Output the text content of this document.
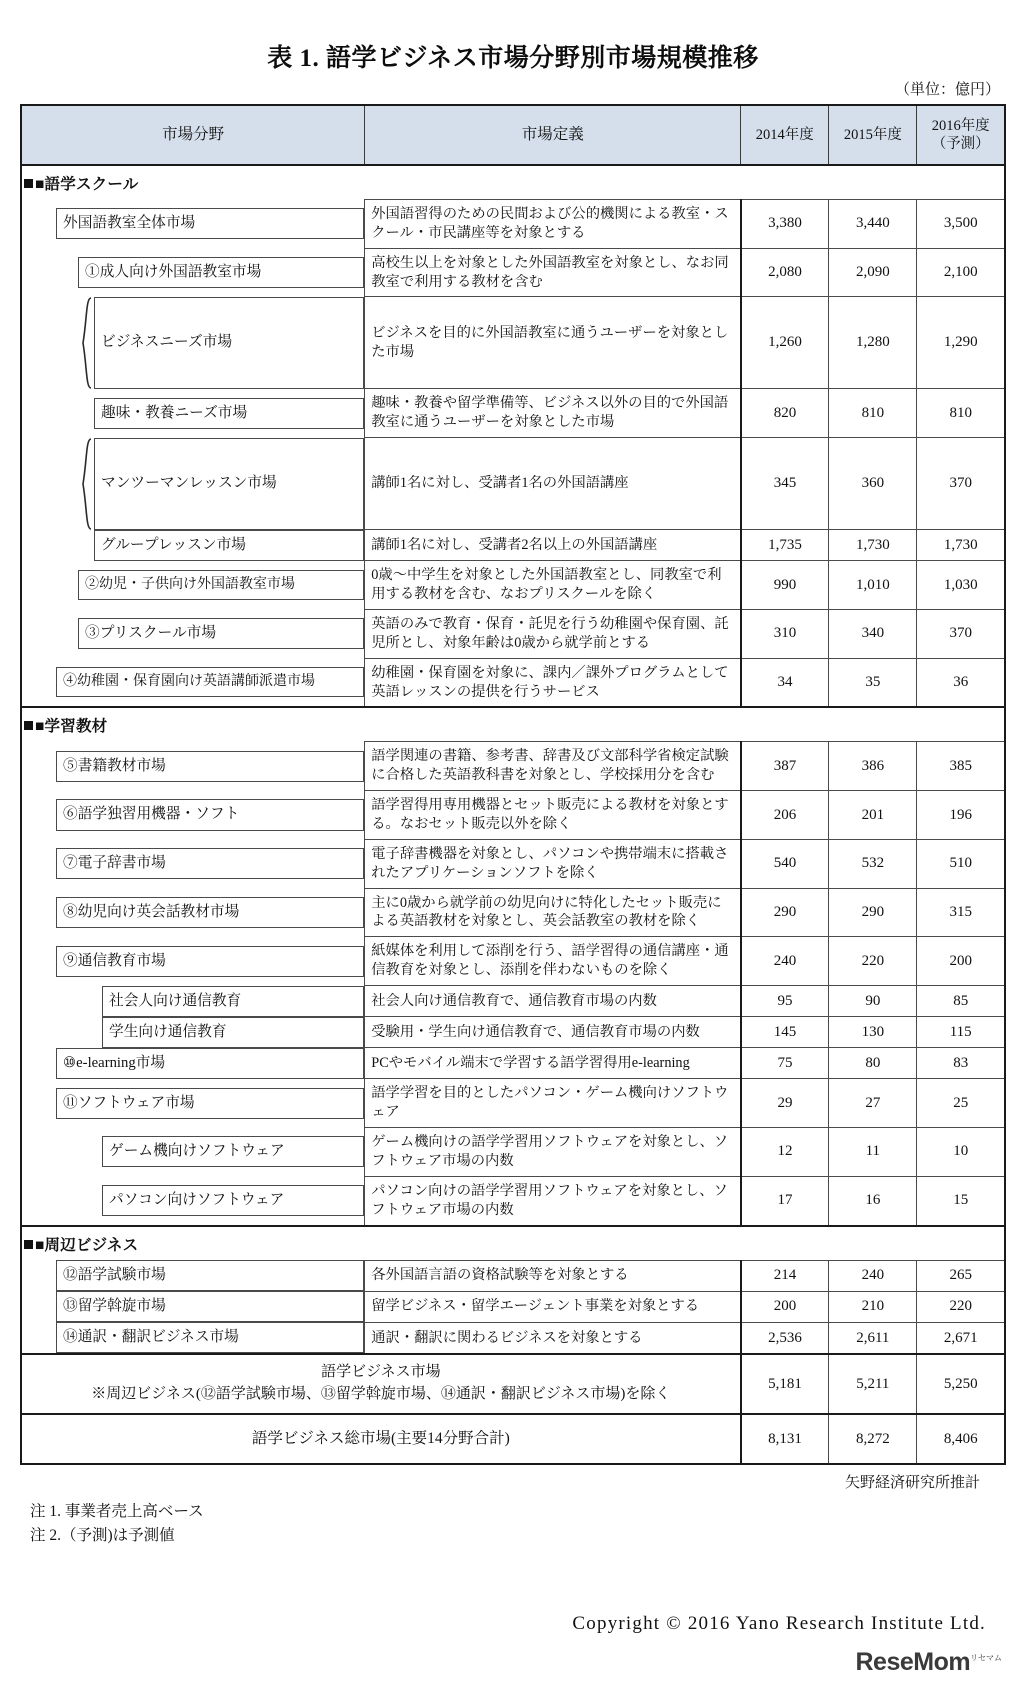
表 1. 語学ビジネス市場分野別市場規模推移
（単位：億円）
市場分野	市場定義	2014年度	2015年度	2016年度
（予測）
■語学スクール				

外国語教室全体市場	外国語習得のための民間および公的機関による教室・スクール・市民講座等を対象とする	3,380	3,440	3,500

①成人向け外国語教室市場	高校生以上を対象とした外国語教室を対象とし、なお同教室で利用する教材を含む	2,080	2,090	2,100

ビジネスニーズ市場	ビジネスを目的に外国語教室に通うユーザーを対象とした市場	1,260	1,280	1,290

趣味・教養ニーズ市場	趣味・教養や留学準備等、ビジネス以外の目的で外国語教室に通うユーザーを対象とした市場	820	810	810

マンツーマンレッスン市場	講師1名に対し、受講者1名の外国語講座	345	360	370

グループレッスン市場	講師1名に対し、受講者2名以上の外国語講座	1,735	1,730	1,730

②幼児・子供向け外国語教室市場	0歳～中学生を対象とした外国語教室とし、同教室で利用する教材を含む、なおプリスクールを除く	990	1,010	1,030

③プリスクール市場	英語のみで教育・保育・託児を行う幼稚園や保育園、託児所とし、対象年齢は0歳から就学前とする	310	340	370

④幼稚園・保育園向け英語講師派遣市場	幼稚園・保育園を対象に、課内／課外プログラムとして英語レッスンの提供を行うサービス	34	35	36
■学習教材				

⑤書籍教材市場	語学関連の書籍、参考書、辞書及び文部科学省検定試験に合格した英語教科書を対象とし、学校採用分を含む	387	386	385

⑥語学独習用機器・ソフト	語学習得用専用機器とセット販売による教材を対象とする。なおセット販売以外を除く	206	201	196

⑦電子辞書市場	電子辞書機器を対象とし、パソコンや携帯端末に搭載されたアプリケーションソフトを除く	540	532	510

⑧幼児向け英会話教材市場	主に0歳から就学前の幼児向けに特化したセット販売による英語教材を対象とし、英会話教室の教材を除く	290	290	315

⑨通信教育市場	紙媒体を利用して添削を行う、語学習得の通信講座・通信教育を対象とし、添削を伴わないものを除く	240	220	200

社会人向け通信教育	社会人向け通信教育で、通信教育市場の内数	95	90	85

学生向け通信教育	受験用・学生向け通信教育で、通信教育市場の内数	145	130	115

⑩e-learning市場	PCやモバイル端末で学習する語学習得用e-learning	75	80	83

⑪ソフトウェア市場	語学学習を目的としたパソコン・ゲーム機向けソフトウェア	29	27	25

ゲーム機向けソフトウェア	ゲーム機向けの語学学習用ソフトウェアを対象とし、ソフトウェア市場の内数	12	11	10

パソコン向けソフトウェア	パソコン向けの語学学習用ソフトウェアを対象とし、ソフトウェア市場の内数	17	16	15
■周辺ビジネス				

⑫語学試験市場	各外国語言語の資格試験等を対象とする	214	240	265

⑬留学斡旋市場	留学ビジネス・留学エージェント事業を対象とする	200	210	220

⑭通訳・翻訳ビジネス市場	通訳・翻訳に関わるビジネスを対象とする	2,536	2,611	2,671
語学ビジネス市場
※周辺ビジネス(⑫語学試験市場、⑬留学斡旋市場、⑭通訳・翻訳ビジネス市場)を除く		5,181	5,211	5,250
語学ビジネス総市場(主要14分野合計)		8,131	8,272	8,406
矢野経済研究所推計
注 1. 事業者売上高ベース
注 2.（予測)は予測値
Copyright © 2016 Yano Research Institute Ltd.
ReseMom$^{リセマム}$
